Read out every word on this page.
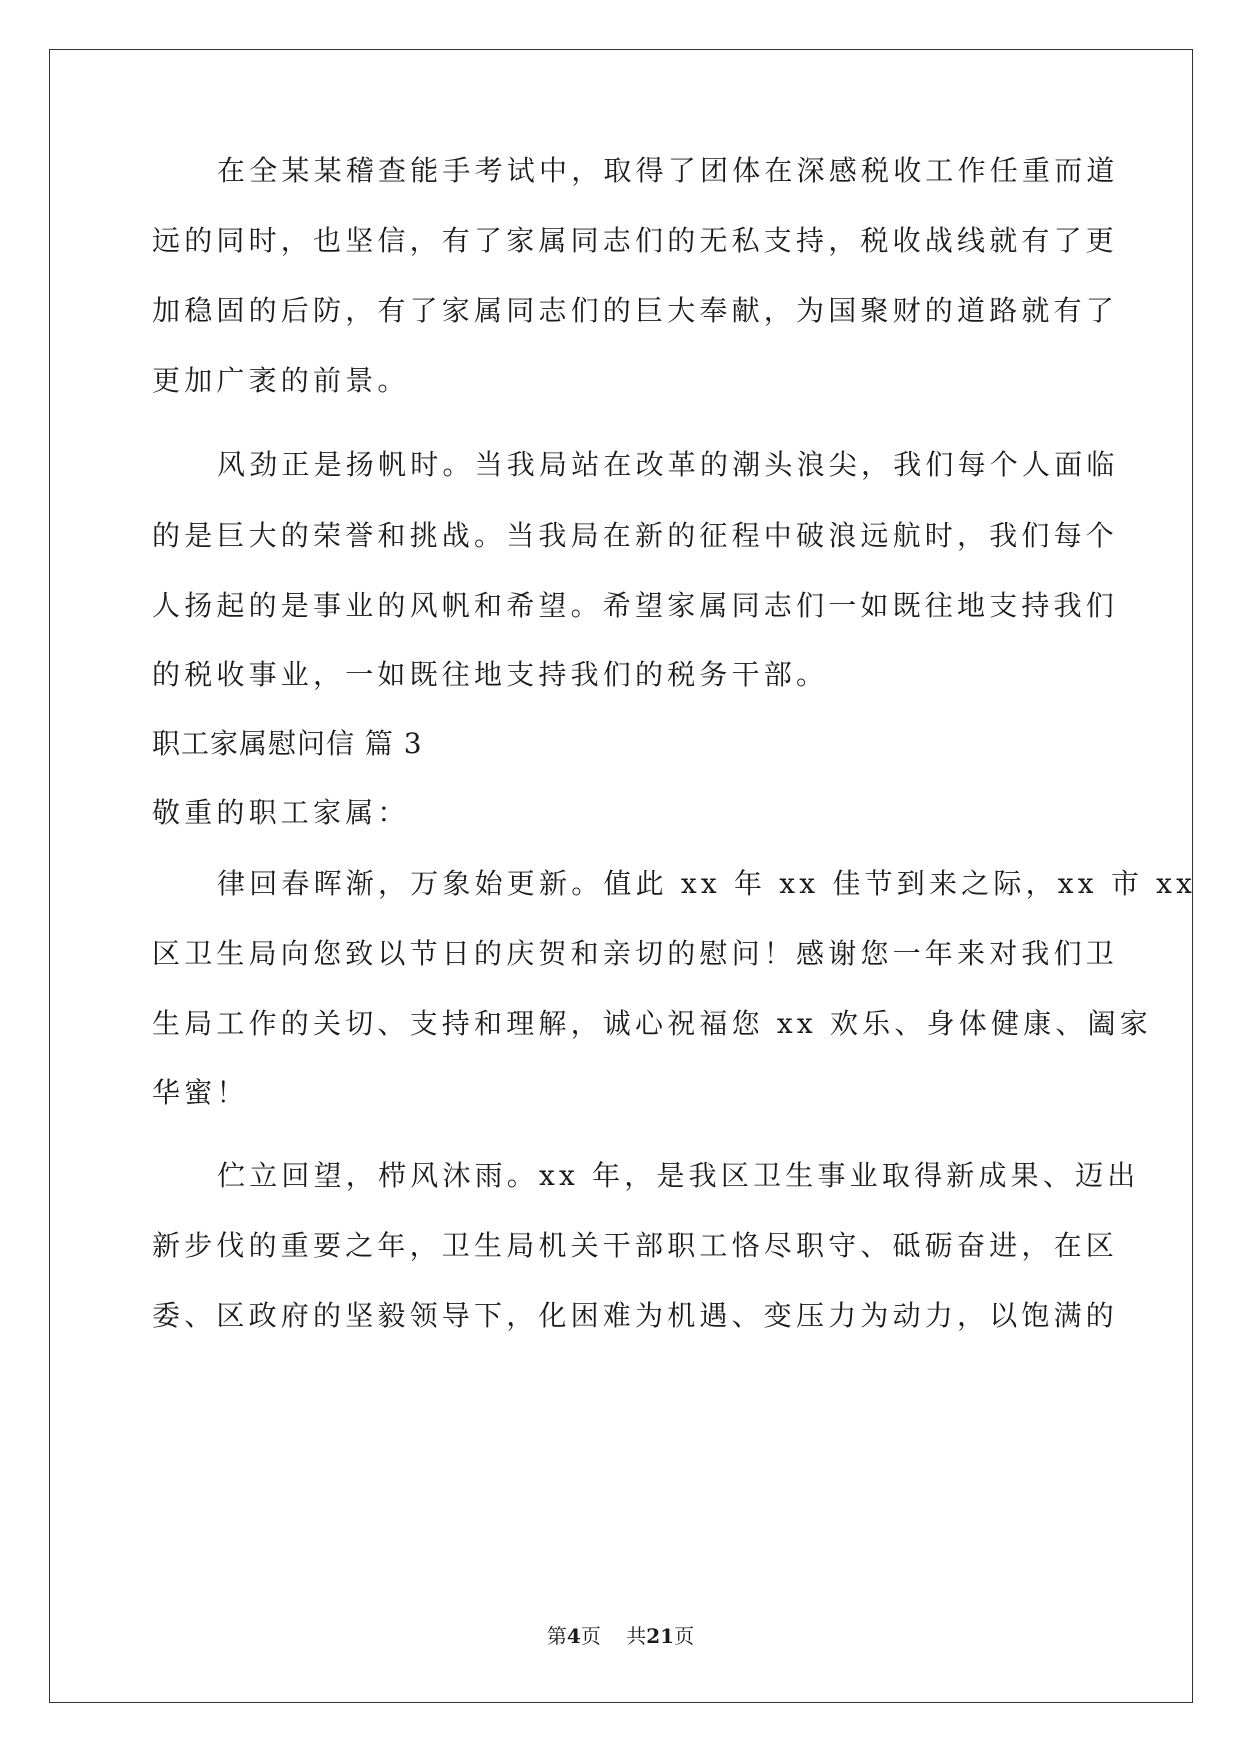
在全某某稽查能手考试中，取得了团体在深感税收工作任重而道
远的同时，也坚信，有了家属同志们的无私支持，税收战线就有了更
加稳固的后防，有了家属同志们的巨大奉献，为国聚财的道路就有了
更加广袤的前景。
风劲正是扬帆时。当我局站在改革的潮头浪尖，我们每个人面临
的是巨大的荣誉和挑战。当我局在新的征程中破浪远航时，我们每个
人扬起的是事业的风帆和希望。希望家属同志们一如既往地支持我们
的税收事业，一如既往地支持我们的税务干部。
职工家属慰问信 篇 3
敬重的职工家属：
律回春晖渐，万象始更新。值此 xx 年 xx 佳节到来之际，xx 市 xx
区卫生局向您致以节日的庆贺和亲切的慰问！感谢您一年来对我们卫
生局工作的关切、支持和理解，诚心祝福您 xx 欢乐、身体健康、阖家
华蜜！
伫立回望，栉风沐雨。xx 年，是我区卫生事业取得新成果、迈出
新步伐的重要之年，卫生局机关干部职工恪尽职守、砥砺奋进，在区
委、区政府的坚毅领导下，化困难为机遇、变压力为动力，以饱满的
第4页 共21页
